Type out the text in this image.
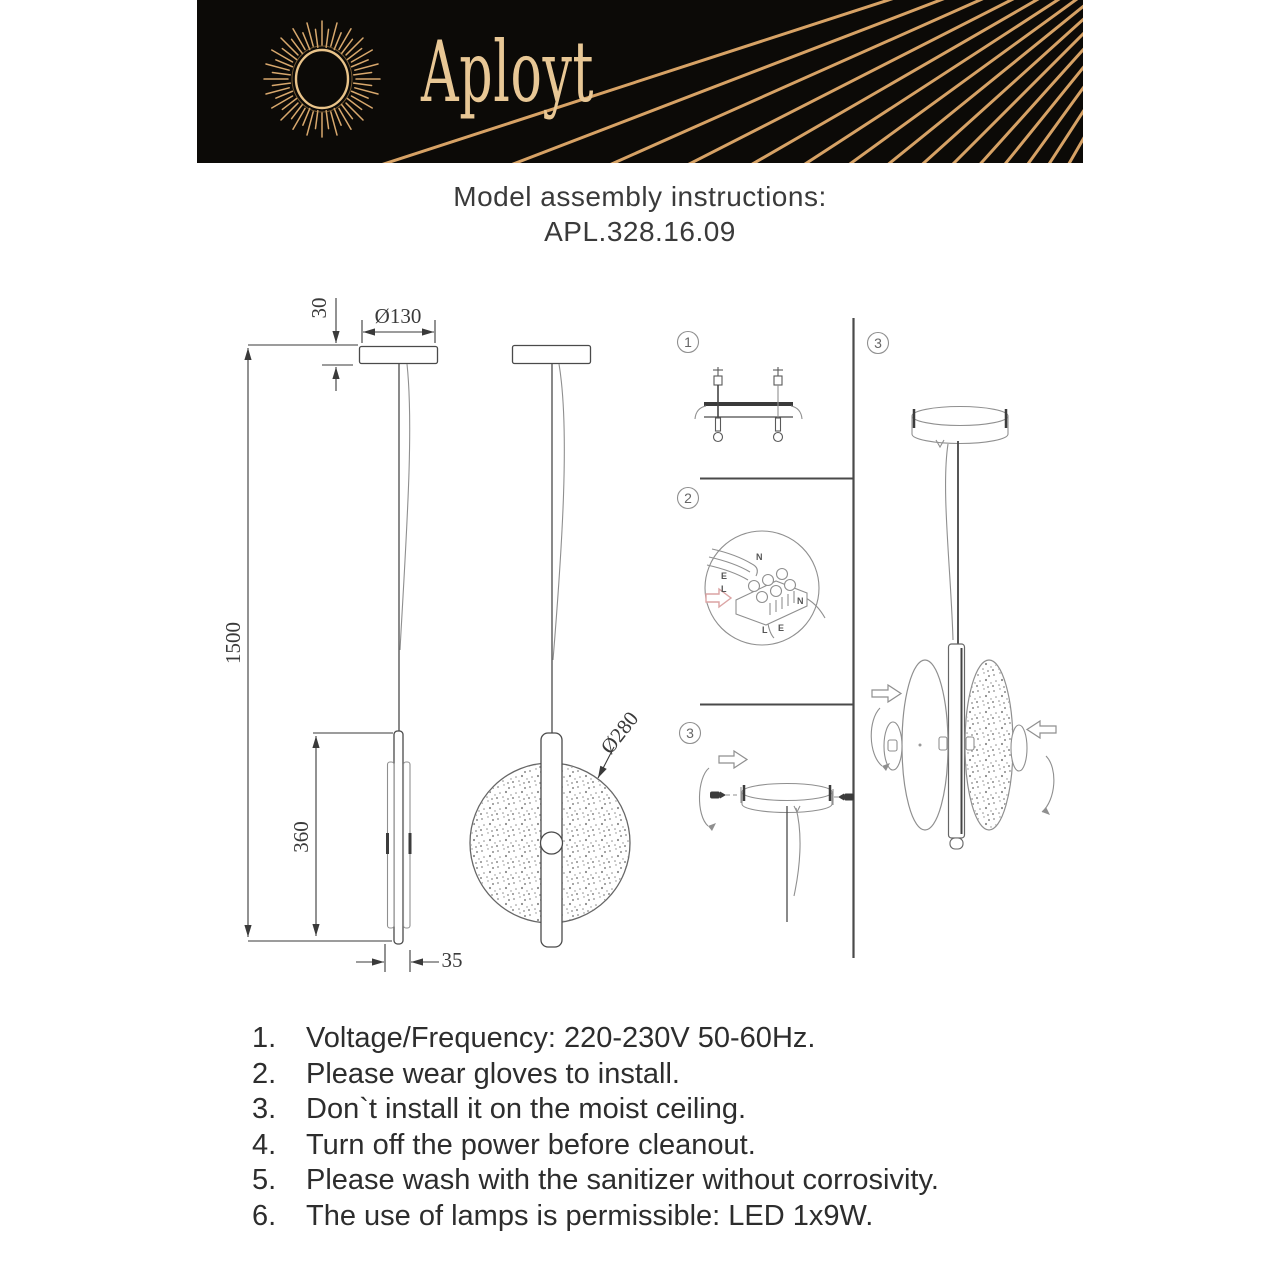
Aployt
Model assembly instructions:
APL.328.16.09
1500
30 Ø130
360
35
Ø280
1
2
N
E
L
N
L E
3
3
1.	Voltage/Frequency: 220-230V 50-60Hz.
2.	Please wear gloves to install.
3.	Don`t install it on the moist ceiling.
4.	Turn off the power before cleanout.
5.	Please wash with the sanitizer without corrosivity.
6.	The use of lamps is permissible: LED 1x9W.
